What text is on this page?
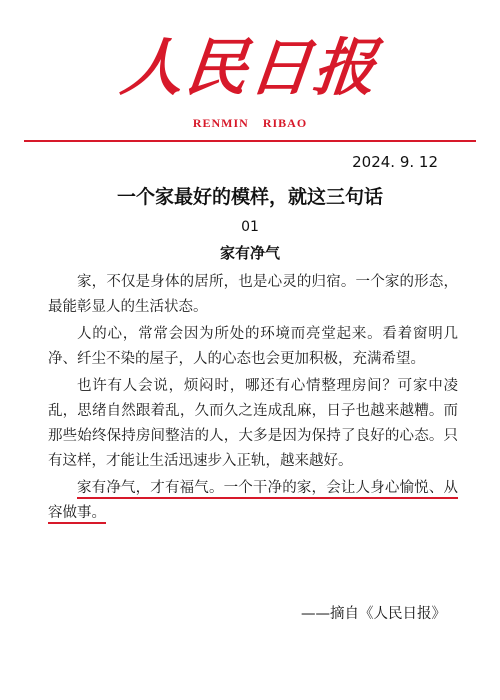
人民日报
RENMIN RIBAO
2024. 9. 12
一个家最好的模样，就这三句话
01
家有净气

家，不仅是身体的居所，也是心灵的归宿。一个家的形态，最能彰显人的生活状态。

人的心，常常会因为所处的环境而亮堂起来。看着窗明几净、纤尘不染的屋子，人的心态也会更加积极，充满希望。

也许有人会说，烦闷时，哪还有心情整理房间？可家中凌乱，思绪自然跟着乱，久而久之连成乱麻，日子也越来越糟。而那些始终保持房间整洁的人，大多是因为保持了良好的心态。只有这样，才能让生活迅速步入正轨，越来越好。

家有净气，才有福气。一个干净的家，会让人身心愉悦、从容做事。

——摘自《人民日报》
